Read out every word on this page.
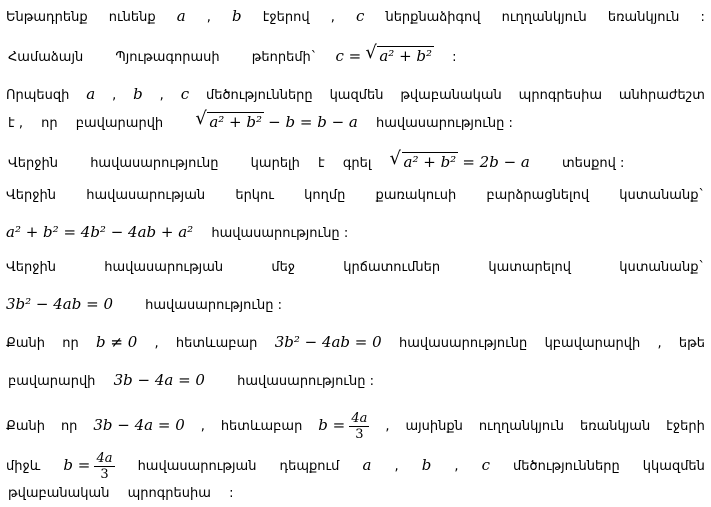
Ենթադրենք ունենք a , b էջերով , c ներքնաձիգով ուղղանկյուն եռանկյուն :
Համաձայն Պյութագորասի թեորեմի` c = √ a² + b² :
Որպեսզի a , b , c մեծությունները կազմեն թվաբանական պրոգրեսիա անհրաժեշտ
է , որ բավարարվի √ a² + b² − b = b − a հավասարությունը :
Վերջին հավասարությունը կարելի է գրել √ a² + b² = 2b − a տեսքով :
Վերջին հավասարության երկու կողմը քառակուսի բարձրացնելով կստանանք`
a² + b² = 4b² − 4ab + a² հավասարությունը :
Վերջին	հավասարության	մեջ	կրճատումներ	կատարելով	կստանանք`
3b² − 4ab = 0 հավասարությունը :
Քանի որ b ≠ 0 , հետևաբար 3b² − 4ab = 0 հավասարությունը կբավարարվի , եթե
բավարարվի 3b − 4a = 0 հավասարությունը :
Քանի որ 3b − 4a = 0 , հետևաբար $b = \frac{4a}{3}$ , այսինքն ուղղանկյուն եռանկյան էջերի
միջև $b = \frac{4a}{3}$ հավասարության դեպքում a , b , c մեծությունները կկազմեն
թվաբանական պրոգրեսիա :
